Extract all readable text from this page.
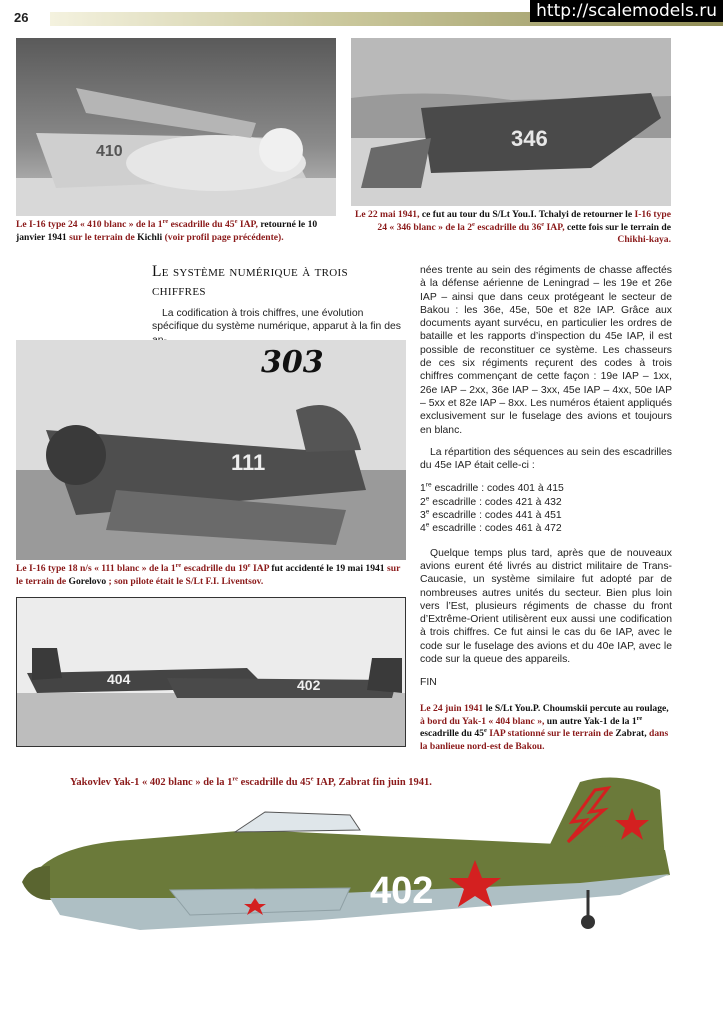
26	http://scalemodels.ru
410
Le I-16 type 24 « 410 blanc » de la 1re escadrille du 45e IAP, retourné le 10 janvier 1941 sur le terrain de Kichli (voir profil page précédente).
346
Le 22 mai 1941, ce fut au tour du S/Lt You.I. Tchalyi de retourner le I-16 type 24 « 346 blanc » de la 2e escadrille du 36e IAP, cette fois sur le terrain de Chikhi-kaya.
Le système numérique à trois chiffres

La codification à trois chiffres, une évolution spécifique du système numérique, apparut à la fin des

111
303
Le I-16 type 18 n/s « 111 blanc » de la 1re escadrille du 19e IAP fut accidenté le 19 mai 1941 sur le terrain de Gorelovo ; son pilote était le S/Lt F.I. Liventsov.
404	402

nées trente au sein des régiments de chasse affectés à la défense aérienne de Leningrad – les 19e et 26e IAP – ainsi que dans ceux protégeant le secteur de Bakou : les 36e, 45e, 50e et 82e IAP. Grâce aux documents ayant survécu, en particulier les ordres de bataille et les rapports d’inspection du 45e IAP, il est possible de reconstituer ce système. Les chasseurs de ces six régiments reçurent des codes à trois chiffres commençant de cette façon : 19e IAP – 1xx, 26e IAP – 2xx, 36e IAP – 3xx, 45e IAP – 4xx, 50e IAP – 5xx et 82e IAP – 8xx. Les numéros étaient appliqués exclusivement sur le fuselage des avions et toujours en blanc.

La répartition des séquences au sein des escadrilles du 45e IAP était celle-ci :

1re escadrille : codes 401 à 415
2e escadrille : codes 421 à 432
3e escadrille : codes 441 à 451
4e escadrille : codes 461 à 472

Quelque temps plus tard, après que de nouveaux avions eurent été livrés au district militaire de Trans-Caucasie, un système similaire fut adopté par de nombreuses autres unités du secteur. Bien plus loin vers l’Est, plusieurs régiments de chasse du front d’Extrême-Orient utilisèrent eux aussi une codification à trois chiffres. Ce fut ainsi le cas du 6e IAP, avec le code sur le fuselage des avions et du 40e IAP, avec le code sur la queue des appareils.

FIN

Le 24 juin 1941 le S/Lt You.P. Choumskii percute au roulage, à bord du Yak-1 « 404 blanc », un autre Yak-1 de la 1re escadrille du 45e IAP stationné sur le terrain de Zabrat, dans la banlieue nord-est de Bakou.
Yakovlev Yak-1 « 402 blanc » de la 1re escadrille du 45e IAP, Zabrat fin juin 1941.
402
